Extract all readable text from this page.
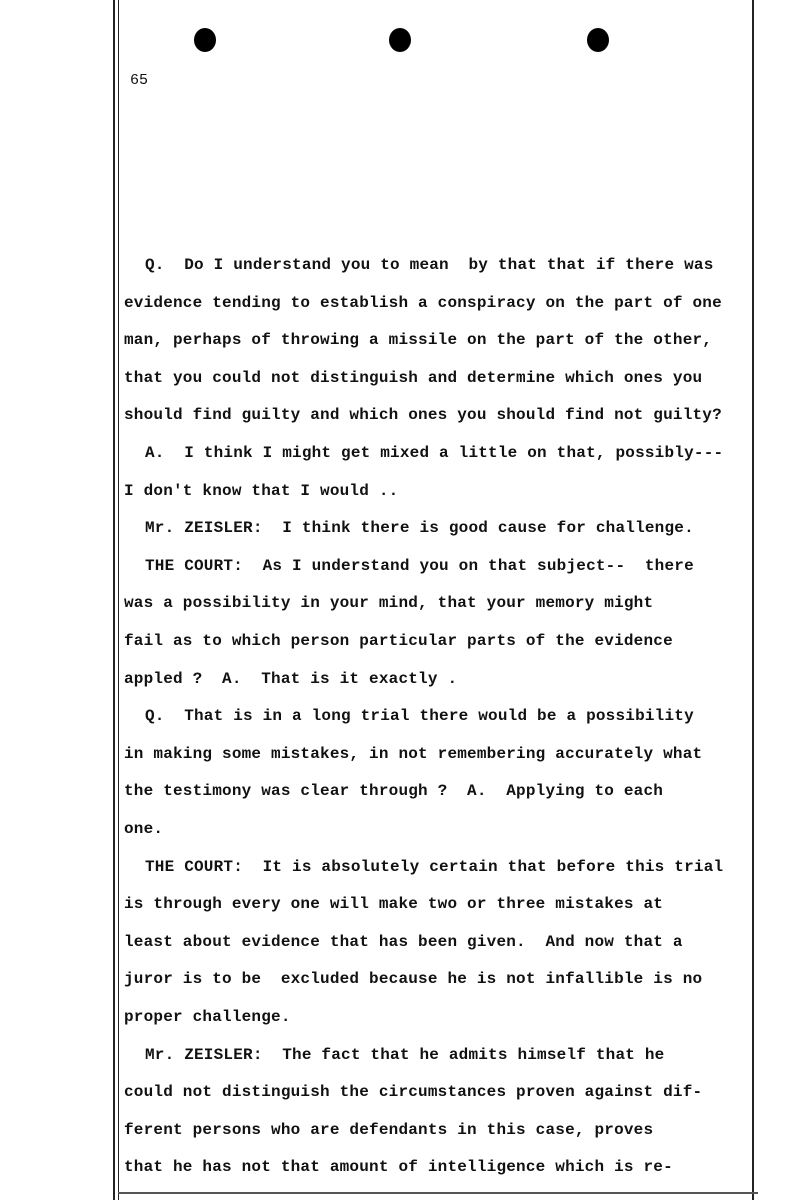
65
Q.  Do I understand you to mean  by that that if there was
evidence tending to establish a conspiracy on the part of one
man, perhaps of throwing a missile on the part of the other,
that you could not distinguish and determine which ones you
should find guilty and which ones you should find not guilty?
A.  I think I might get mixed a little on that, possibly---
I don't know that I would ..
Mr. ZEISLER:  I think there is good cause for challenge.
THE COURT:  As I understand you on that subject--  there
was a possibility in your mind, that your memory might
fail as to which person particular parts of the evidence
appled ?  A.  That is it exactly .
Q.  That is in a long trial there would be a possibility
in making some mistakes, in not remembering accurately what
the testimony was clear through ?  A.  Applying to each
one.
THE COURT:  It is absolutely certain that before this trial
is through every one will make two or three mistakes at
least about evidence that has been given.  And now that a
juror is to be  excluded because he is not infallible is no
proper challenge.
Mr. ZEISLER:  The fact that he admits himself that he
could not distinguish the circumstances proven against dif-
ferent persons who are defendants in this case, proves
that he has not that amount of intelligence which is re-
